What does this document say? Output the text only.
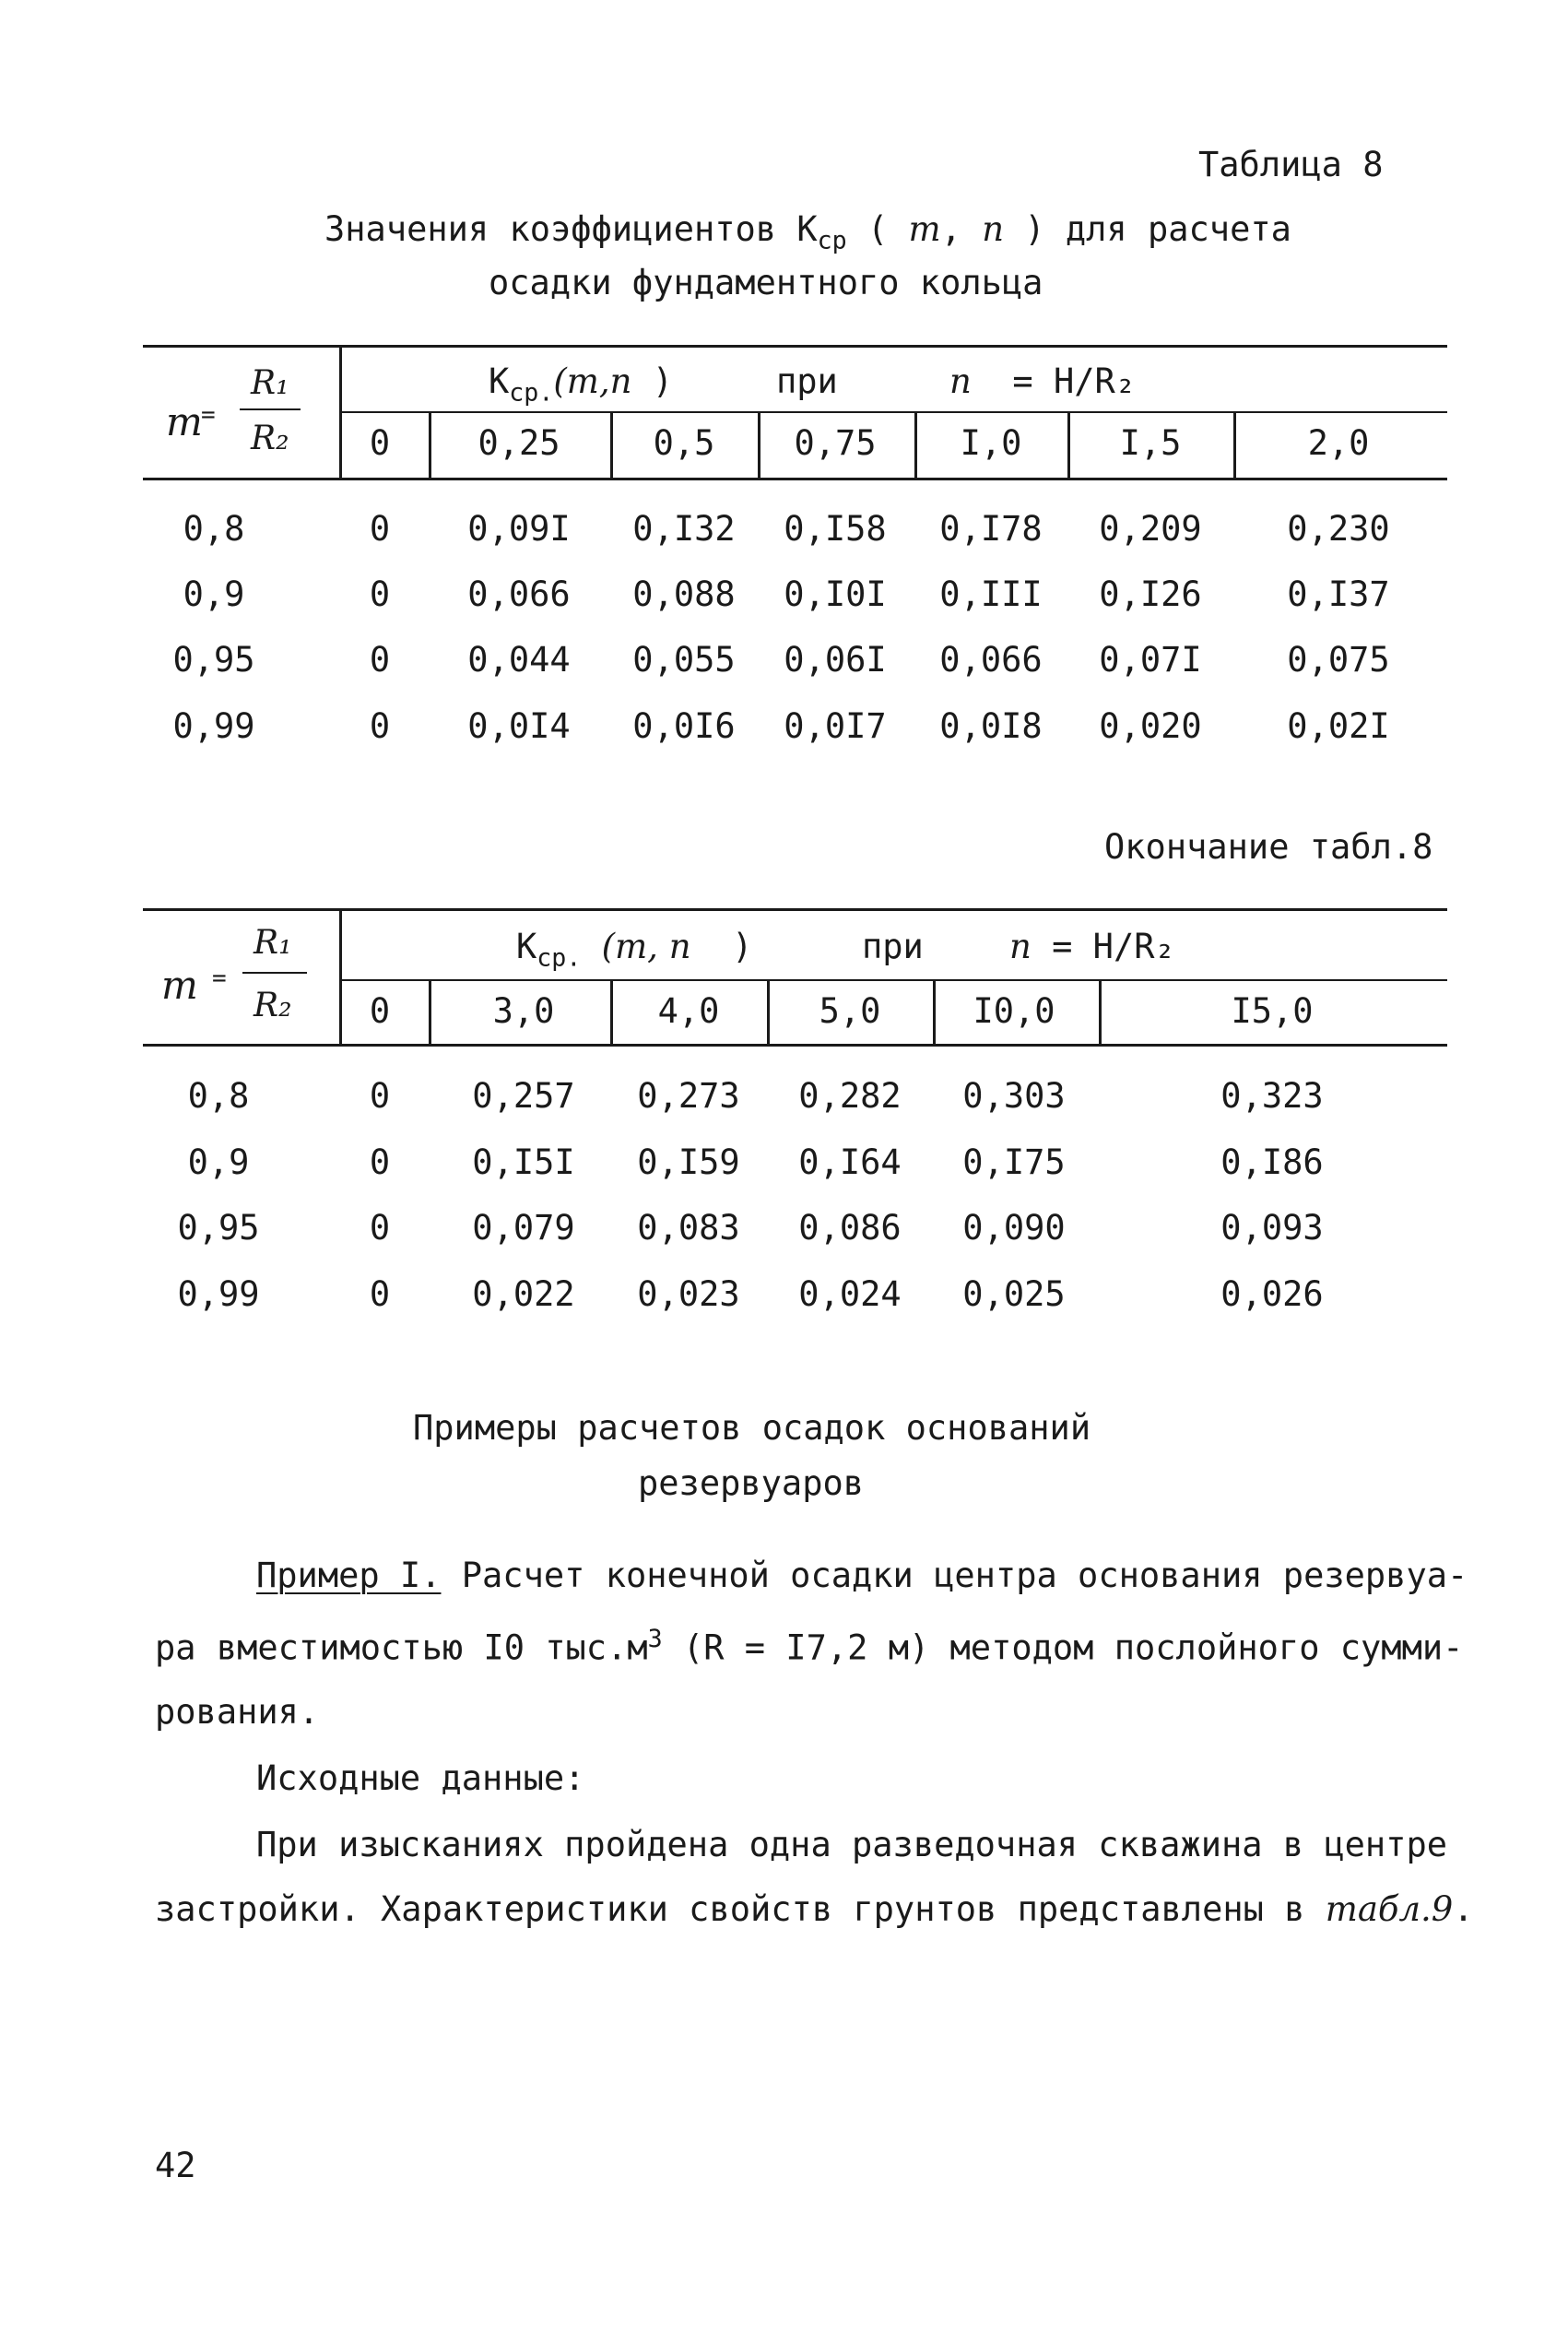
Таблица 8
Значения коэффициентов $К_{ср}$ ( m, n ) для расчета
осадки фундаментного кольца
m
=
R₁
R₂
$К_{ср.}(m,n$ )	при	n = H/R₂
0	0,25	0,5 0,75 I,0	I,5	2,0
0,8	0 0,09I 0,I32 0,I58 0,I78 0,209	0,230
0,9	0 0,066 0,088 0,I0I 0,III 0,I26	0,I37
0,95	0 0,044 0,055 0,06I 0,066 0,07I	0,075
0,99	0 0,0I4 0,0I6 0,0I7 0,0I8 0,020	0,02I
Окончание табл.8
m =
R₁
R₂
$К_{ср.}$ (m, n )	при	n = H/R₂
0	3,0	4,0	5,0	I0,0	I5,0
0,8	0 0,257 0,273 0,282 0,303	0,323
0,9	0 0,I5I 0,I59 0,I64 0,I75	0,I86
0,95	0 0,079 0,083 0,086 0,090	0,093
0,99	0 0,022 0,023 0,024 0,025	0,026
Примеры расчетов осадок оснований
резервуаров
Пример I. Расчет конечной осадки центра основания резервуа-
ра вместимостью I0 $тыс.м^3$ (R = I7,2 м) методом послойного сумми-
рования.
Исходные данные:
При изысканиях пройдена одна разведочная скважина в центре
застройки. Характеристики свойств грунтов представлены в табл.9.
42
